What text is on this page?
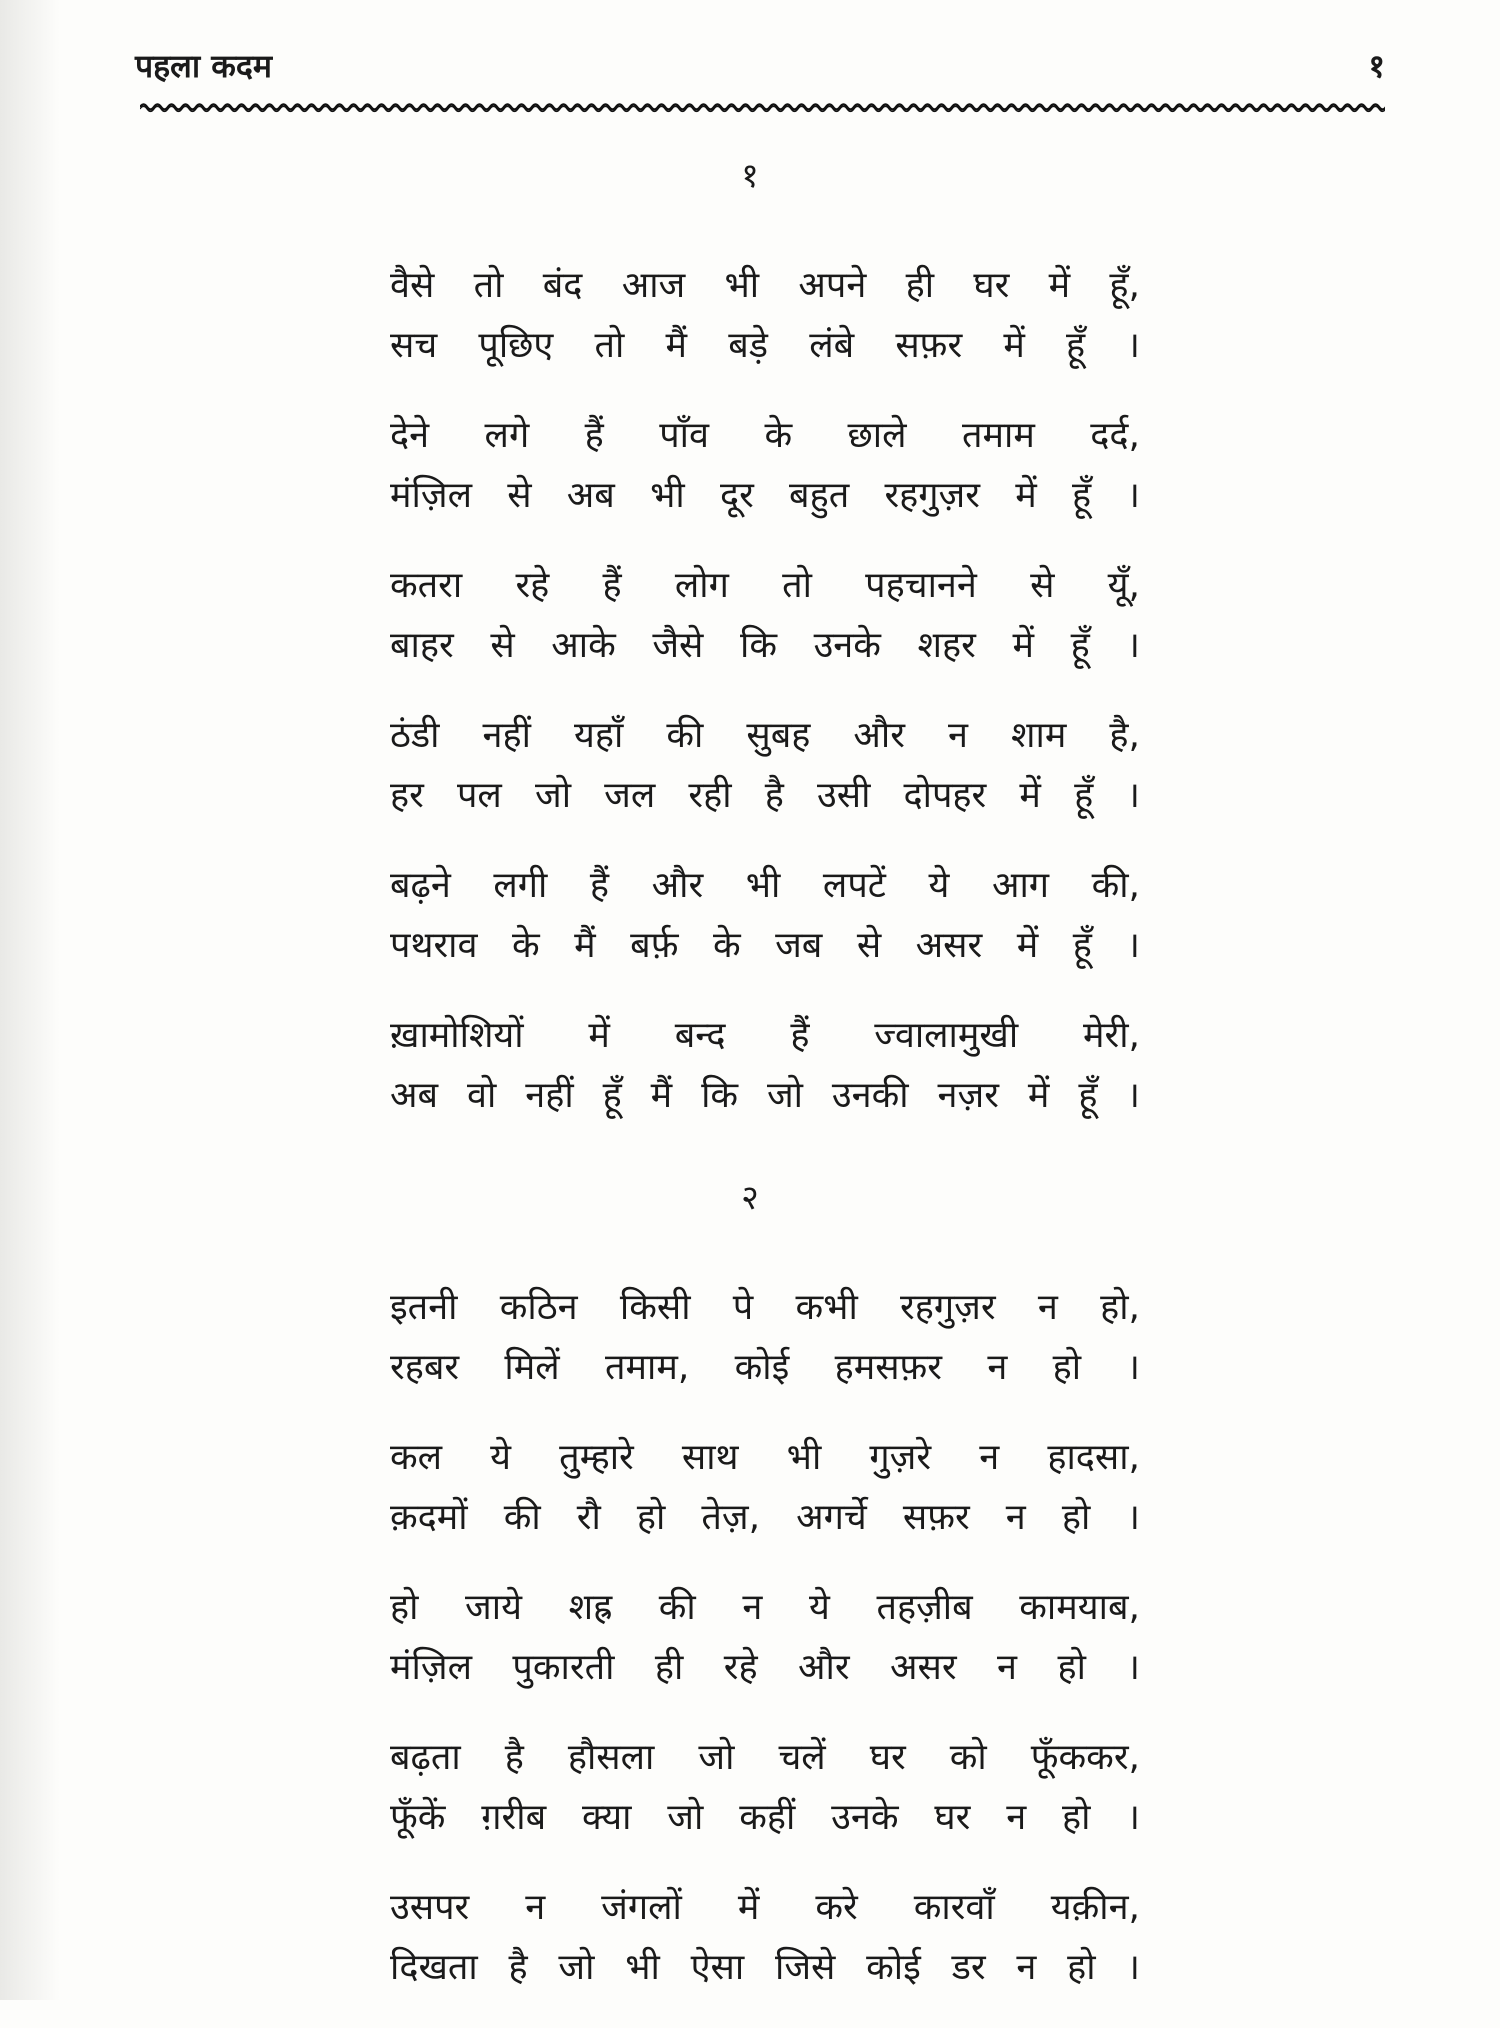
पहला कदम	१
१
वैसे तो बंद आज भी अपने ही घर में हूँ,
सच पूछिए तो मैं बड़े लंबे सफ़र में हूँ ।
देने लगे हैं पाँव के छाले तमाम दर्द,
मंज़िल से अब भी दूर बहुत रहगुज़र में हूँ ।
कतरा रहे हैं लोग तो पहचानने से यूँ,
बाहर से आके जैसे कि उनके शहर में हूँ ।
ठंडी नहीं यहाँ की सुबह और न शाम है,
हर पल जो जल रही है उसी दोपहर में हूँ ।
बढ़ने लगी हैं और भी लपटें ये आग की,
पथराव के मैं बर्फ़ के जब से असर में हूँ ।
ख़ामोशियों में बन्द हैं ज्वालामुखी मेरी,
अब वो नहीं हूँ मैं कि जो उनकी नज़र में हूँ ।
२
इतनी कठिन किसी पे कभी रहगुज़र न हो,
रहबर मिलें तमाम, कोई हमसफ़र न हो ।
कल ये तुम्हारे साथ भी गुज़रे न हादसा,
क़दमों की रौ हो तेज़, अगर्चे सफ़र न हो ।
हो जाये शह्र की न ये तहज़ीब कामयाब,
मंज़िल पुकारती ही रहे और असर न हो ।
बढ़ता है हौसला जो चलें घर को फूँककर,
फूँकें ग़रीब क्या जो कहीं उनके घर न हो ।
उसपर न जंगलों में करे कारवाँ यक़ीन,
दिखता है जो भी ऐसा जिसे कोई डर न हो ।
